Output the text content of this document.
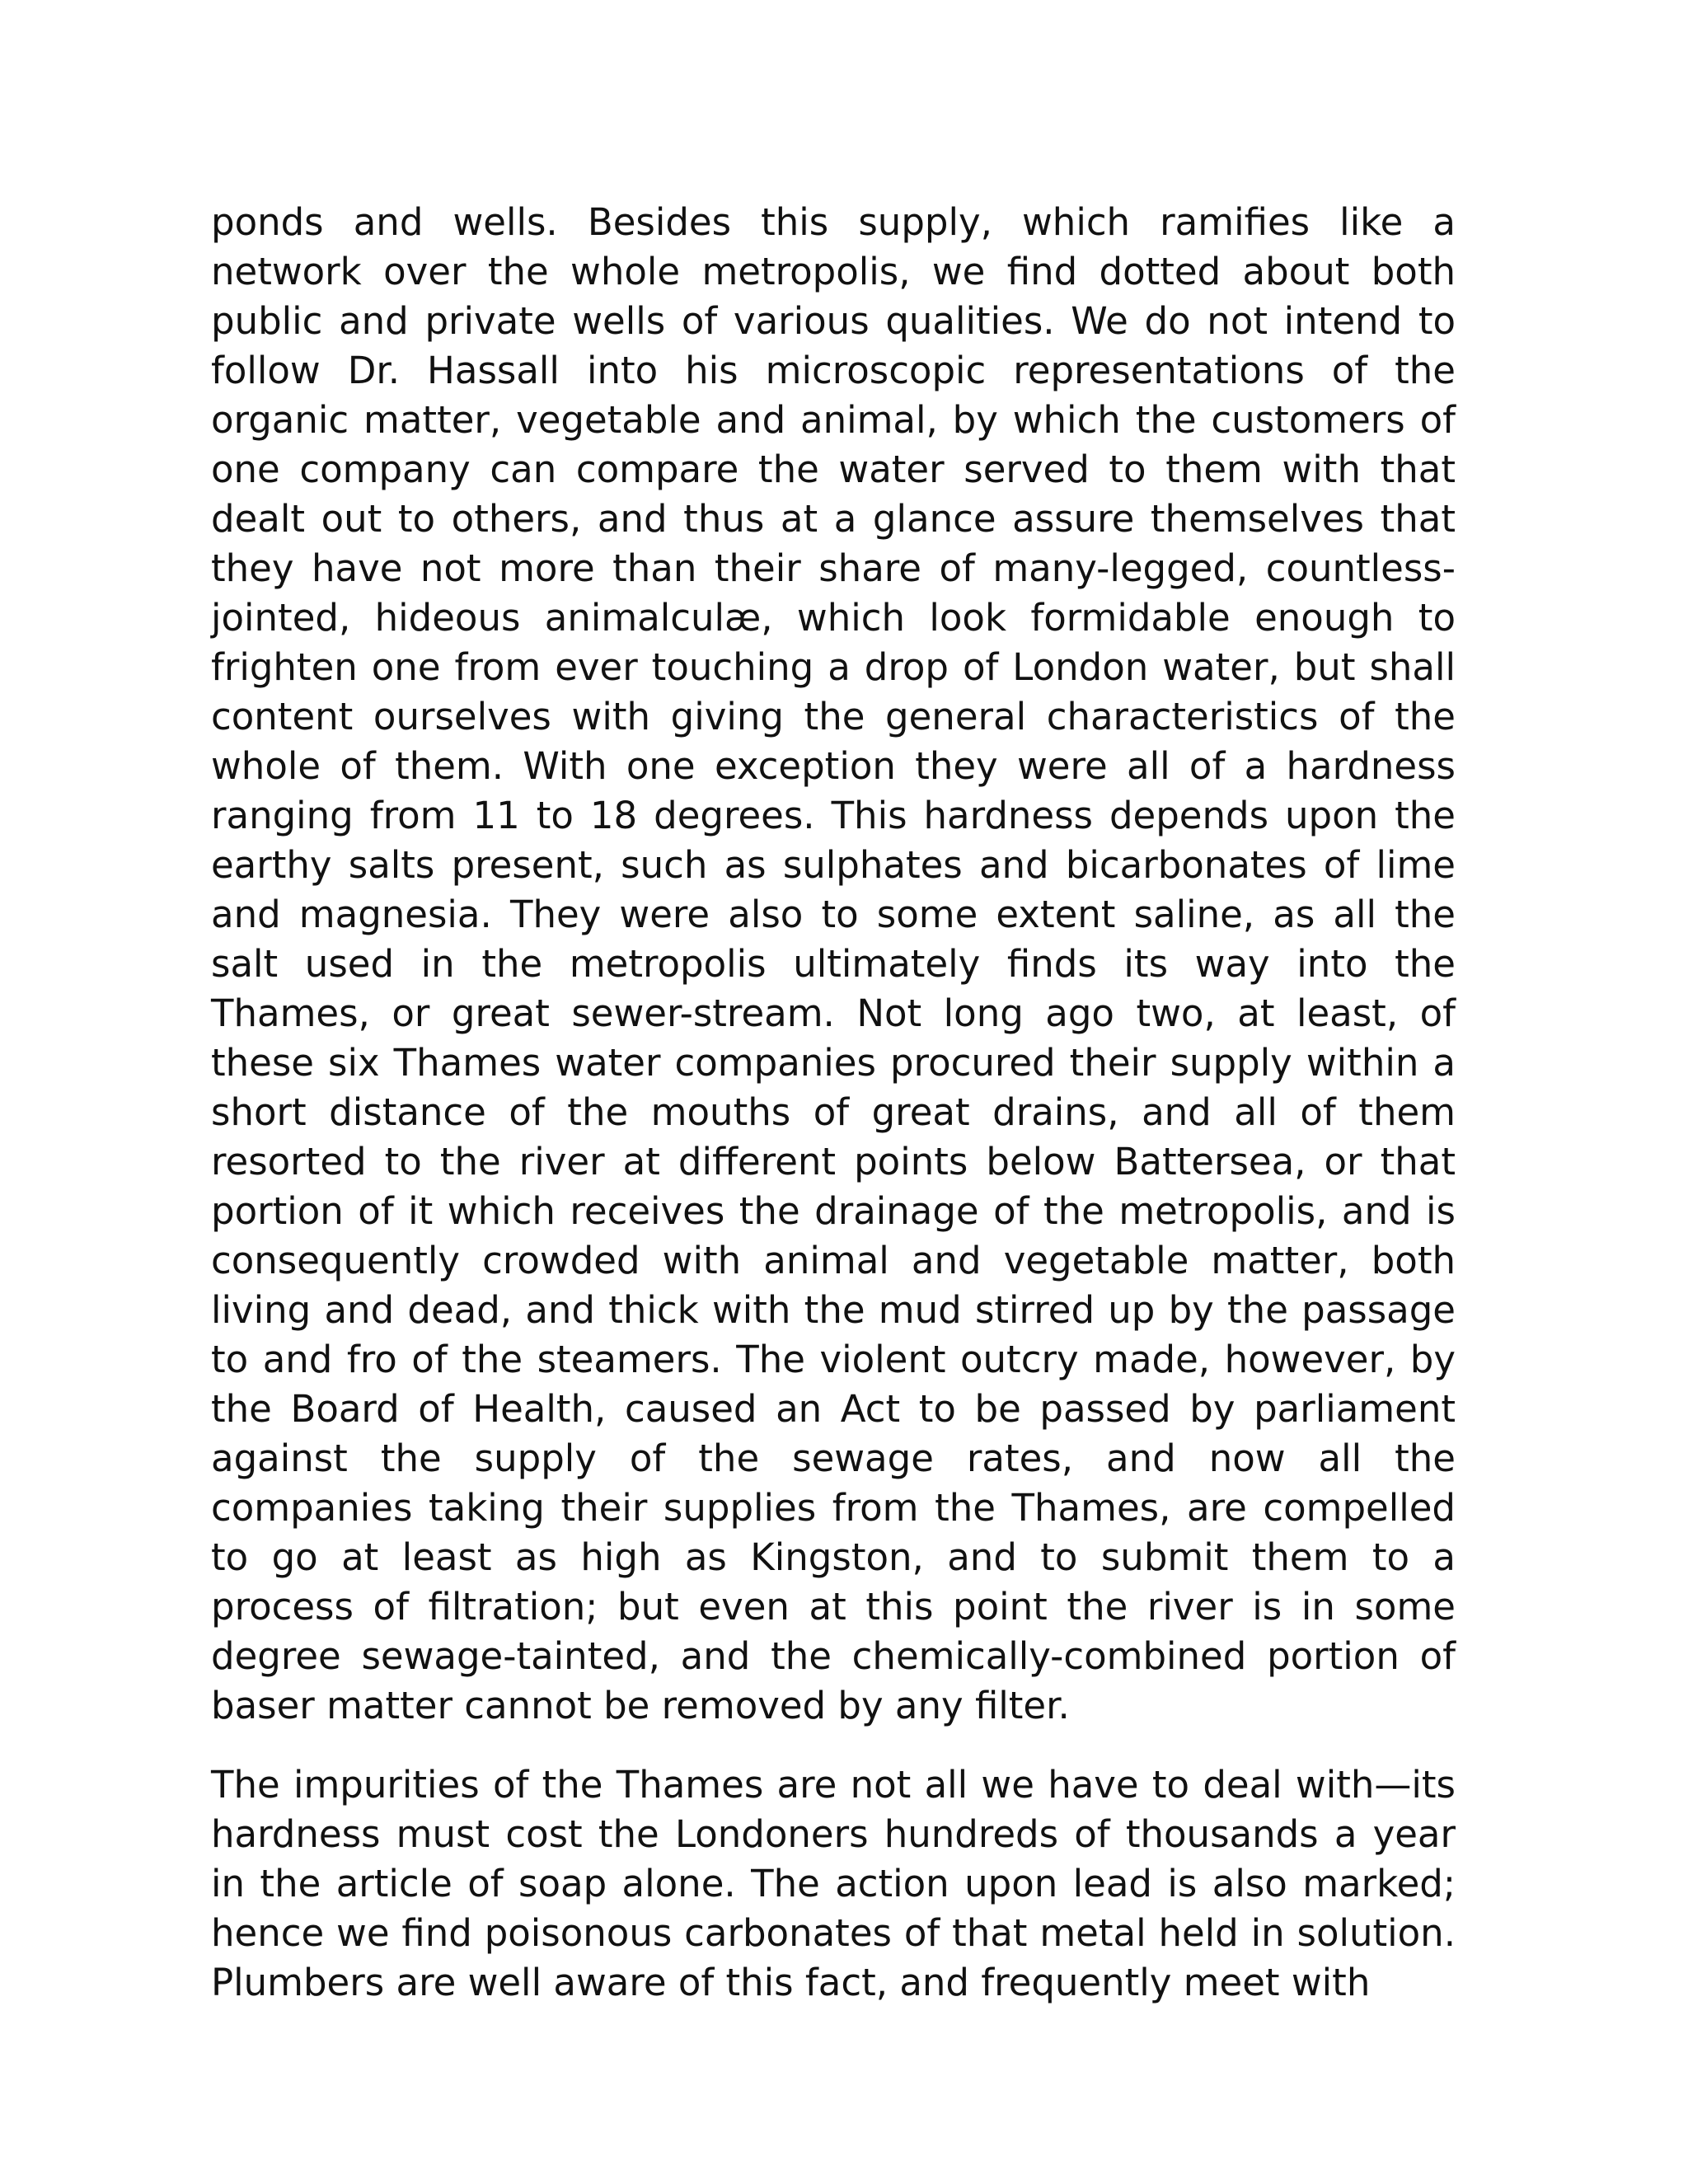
ponds and wells. Besides this supply, which ramifies like a network over the whole metropolis, we find dotted about both public and private wells of various qualities. We do not intend to follow Dr. Hassall into his microscopic representations of the organic matter, vegetable and animal, by which the customers of one company can compare the water served to them with that dealt out to others, and thus at a glance assure themselves that they have not more than their share of many-legged, countless-jointed, hideous animalculæ, which look formidable enough to frighten one from ever touching a drop of London water, but shall content ourselves with giving the general characteristics of the whole of them. With one exception they were all of a hardness ranging from 11 to 18 degrees. This hardness depends upon the earthy salts present, such as sulphates and bicarbonates of lime and magnesia. They were also to some extent saline, as all the salt used in the metropolis ultimately finds its way into the Thames, or great sewer-stream. Not long ago two, at least, of these six Thames water companies procured their supply within a short distance of the mouths of great drains, and all of them resorted to the river at different points below Battersea, or that portion of it which receives the drainage of the metropolis, and is consequently crowded with animal and vegetable matter, both living and dead, and thick with the mud stirred up by the passage to and fro of the steamers. The violent outcry made, however, by the Board of Health, caused an Act to be passed by parliament against the supply of the sewage rates, and now all the companies taking their supplies from the Thames, are compelled to go at least as high as Kingston, and to submit them to a process of filtration; but even at this point the river is in some degree sewage-tainted, and the chemically-combined portion of baser matter cannot be removed by any filter.

The impurities of the Thames are not all we have to deal with—its hardness must cost the Londoners hundreds of thousands a year in the article of soap alone. The action upon lead is also marked; hence we find poisonous carbonates of that metal held in solution. Plumbers are well aware of this fact, and frequently meet with
